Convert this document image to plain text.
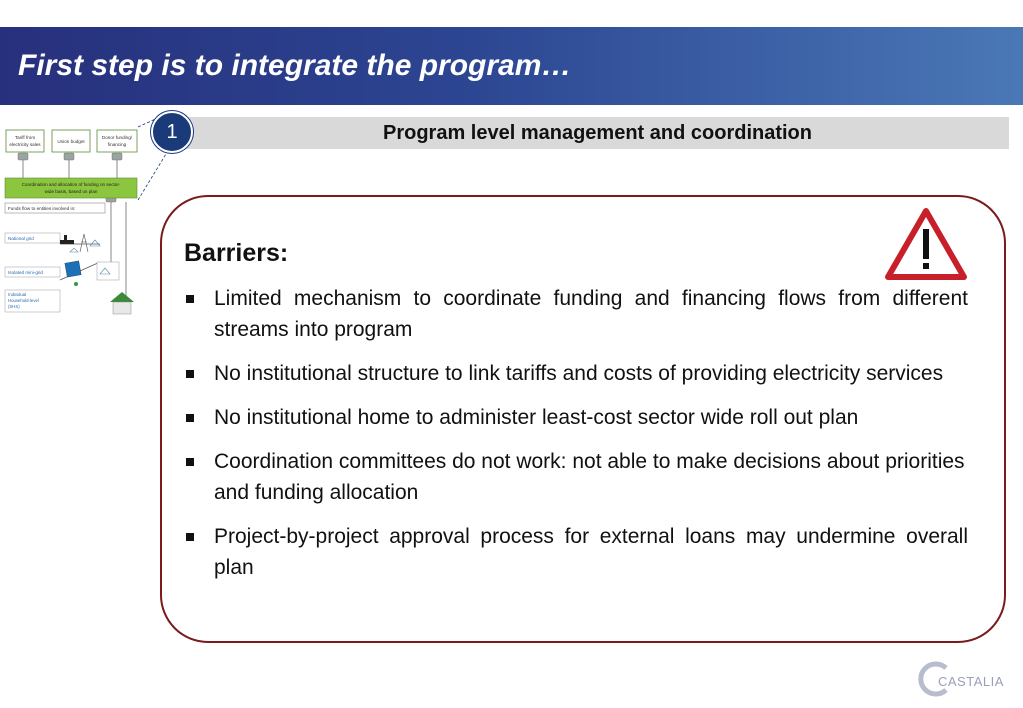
First step is to integrate the program…
Tariff from
electricity sales
Union budget
Donor funding/
financing
Coordination and allocation of funding on sector-
wide basis, based on plan
Funds flow to entities involved in:
National grid
Isolated mini-grid
Individual
Household-level
(SHS)
Program level management and coordination
1
Barriers:
Limited mechanism to coordinate funding and financing flows from different streams into program
No institutional structure to link tariffs and costs of providing electricity services
No institutional home to administer least-cost sector wide roll out plan
Coordination committees do not work: not able to make decisions about priorities and funding allocation
Project-by-project approval process for external loans may undermine overall plan
CASTALIA
